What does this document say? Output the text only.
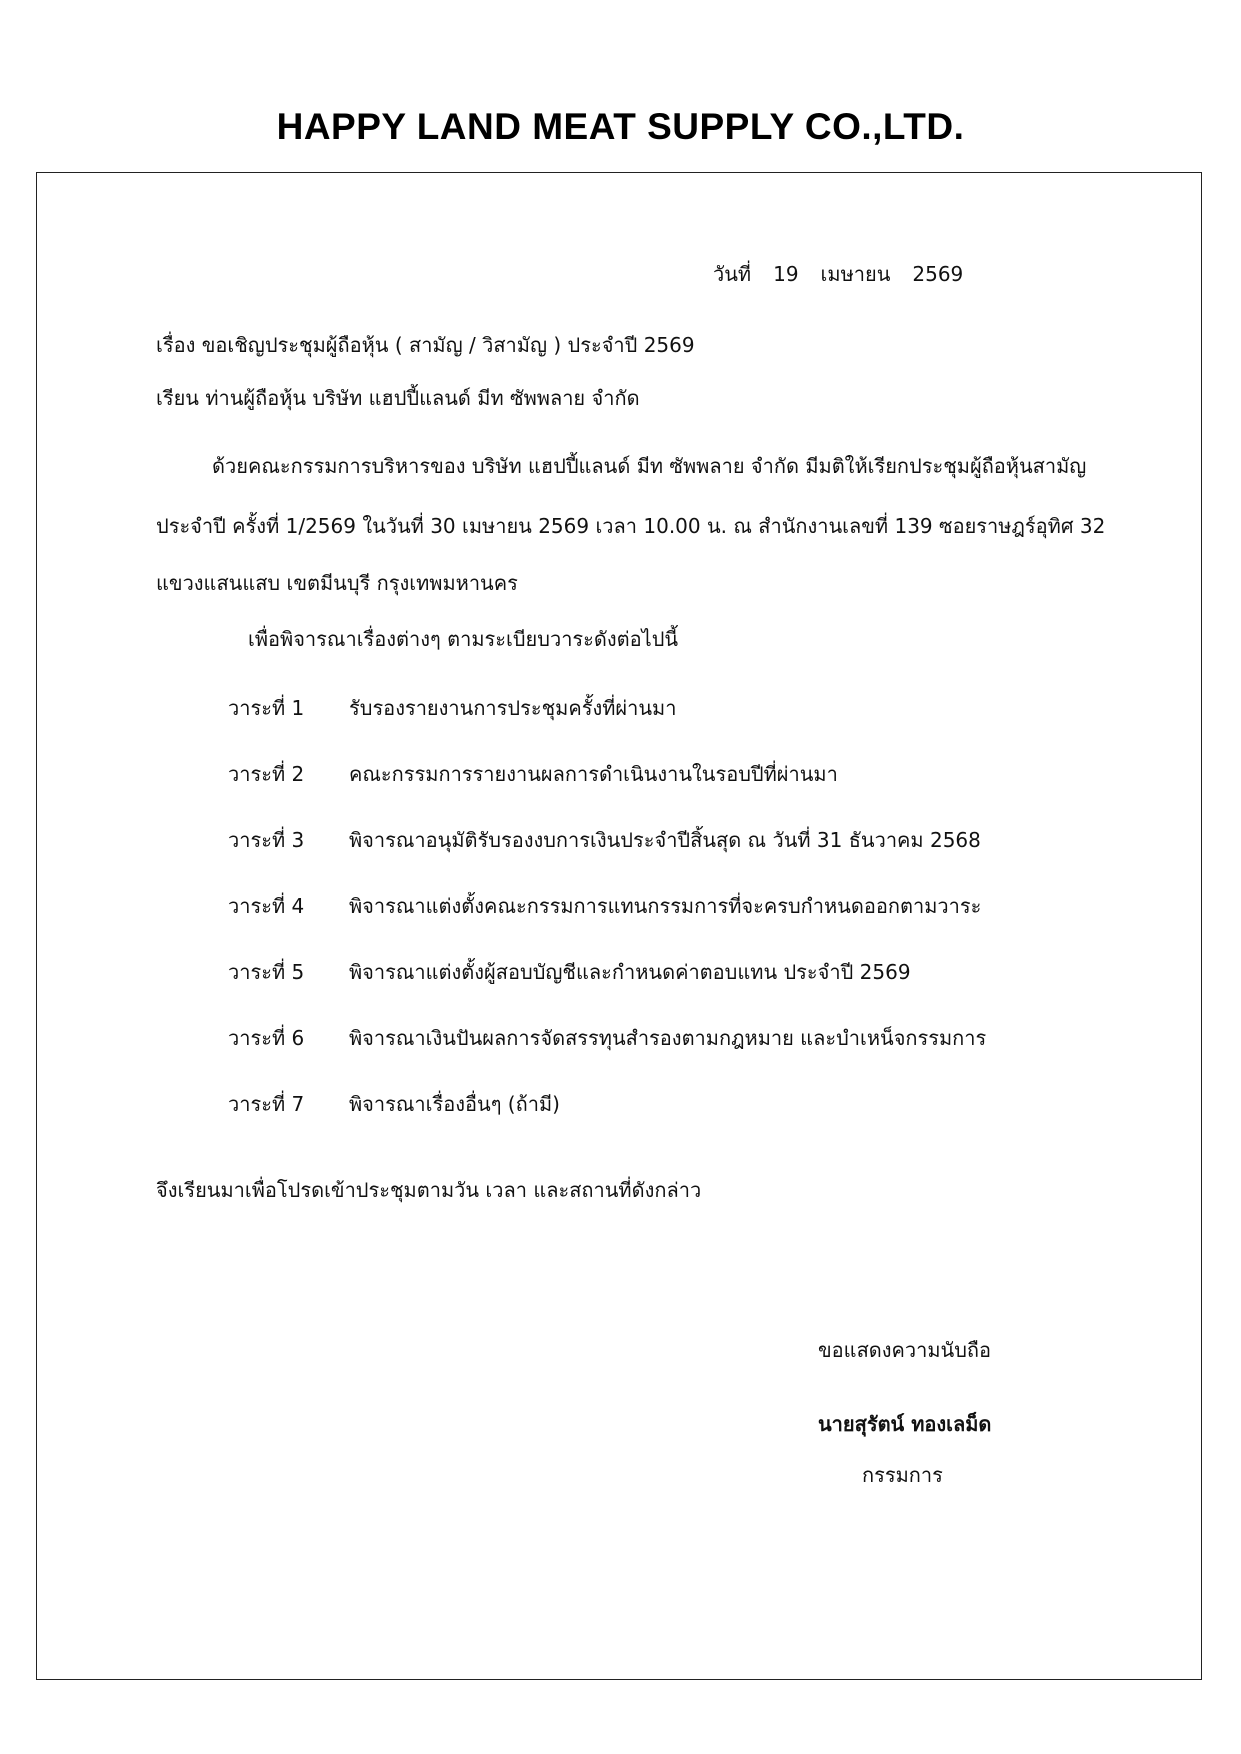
HAPPY LAND MEAT SUPPLY CO.,LTD.
วันที่ 19 เมษายน 2569
เรื่อง ขอเชิญประชุมผู้ถือหุ้น ( สามัญ / วิสามัญ ) ประจำปี 2569
เรียน ท่านผู้ถือหุ้น บริษัท แฮปปี้แลนด์ มีท ซัพพลาย จำกัด
ด้วยคณะกรรมการบริหารของ บริษัท แฮปปี้แลนด์ มีท ซัพพลาย จำกัด มีมติให้เรียกประชุมผู้ถือหุ้นสามัญ
ประจำปี ครั้งที่ 1/2569 ในวันที่ 30 เมษายน 2569 เวลา 10.00 น. ณ สำนักงานเลขที่ 139 ซอยราษฎร์อุทิศ 32
แขวงแสนแสบ เขตมีนบุรี กรุงเทพมหานคร
เพื่อพิจารณาเรื่องต่างๆ ตามระเบียบวาระดังต่อไปนี้
วาระที่ 1 รับรองรายงานการประชุมครั้งที่ผ่านมา
วาระที่ 2 คณะกรรมการรายงานผลการดำเนินงานในรอบปีที่ผ่านมา
วาระที่ 3 พิจารณาอนุมัติรับรองงบการเงินประจำปีสิ้นสุด ณ วันที่ 31 ธันวาคม 2568
วาระที่ 4 พิจารณาแต่งตั้งคณะกรรมการแทนกรรมการที่จะครบกำหนดออกตามวาระ
วาระที่ 5 พิจารณาแต่งตั้งผู้สอบบัญชีและกำหนดค่าตอบแทน ประจำปี 2569
วาระที่ 6 พิจารณาเงินปันผลการจัดสรรทุนสำรองตามกฎหมาย และบำเหน็จกรรมการ
วาระที่ 7 พิจารณาเรื่องอื่นๆ (ถ้ามี)
จึงเรียนมาเพื่อโปรดเข้าประชุมตามวัน เวลา และสถานที่ดังกล่าว
ขอแสดงความนับถือ
นายสุรัตน์ ทองเลม็ด
กรรมการ
